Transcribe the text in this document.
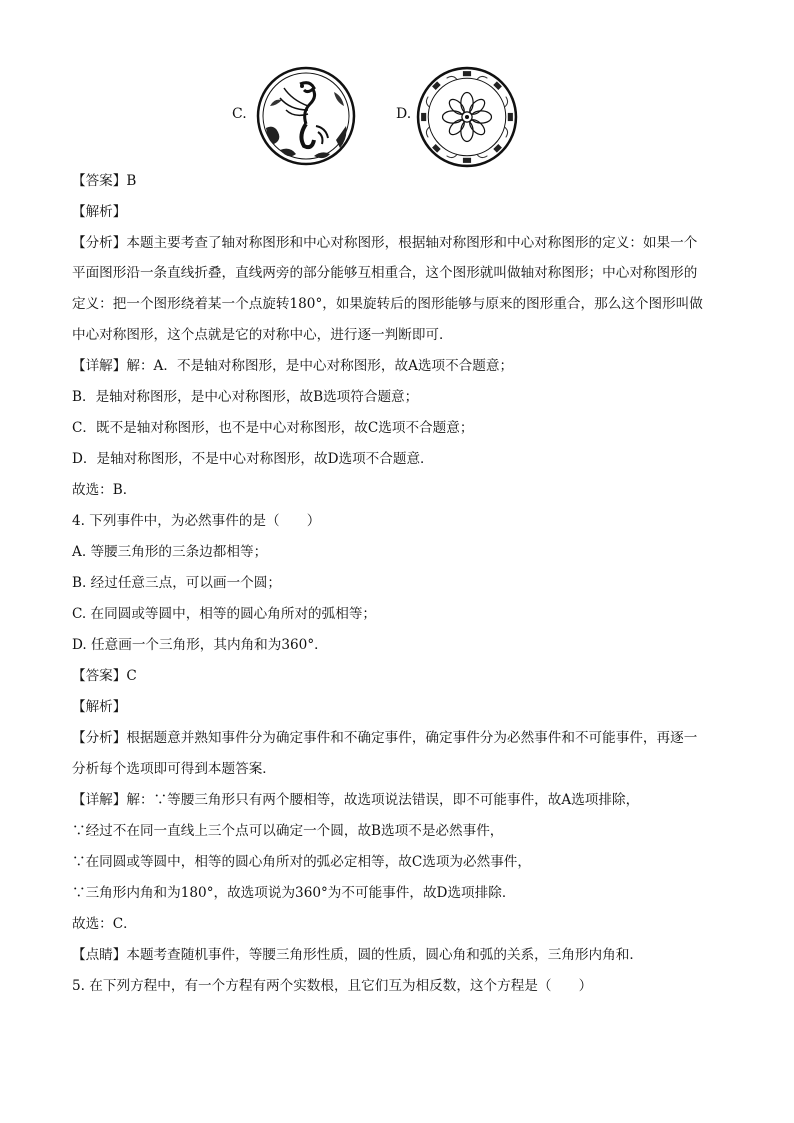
C.	D.
【答案】B
【解析】
【分析】本题主要考查了轴对称图形和中心对称图形，根据轴对称图形和中心对称图形的定义：如果一个
平面图形沿一条直线折叠，直线两旁的部分能够互相重合，这个图形就叫做轴对称图形；中心对称图形的
定义：把一个图形绕着某一个点旋转180°，如果旋转后的图形能够与原来的图形重合，那么这个图形叫做
中心对称图形，这个点就是它的对称中心，进行逐一判断即可．
【详解】解：A．不是轴对称图形，是中心对称图形，故A选项不合题意；
B．是轴对称图形，是中心对称图形，故B选项符合题意；
C．既不是轴对称图形，也不是中心对称图形，故C选项不合题意；
D．是轴对称图形，不是中心对称图形，故D选项不合题意．
故选：B．
4. 下列事件中，为必然事件的是（　　）
A. 等腰三角形的三条边都相等；
B. 经过任意三点，可以画一个圆；
C. 在同圆或等圆中，相等的圆心角所对的弧相等；
D. 任意画一个三角形，其内角和为360°．
【答案】C
【解析】
【分析】根据题意并熟知事件分为确定事件和不确定事件，确定事件分为必然事件和不可能事件，再逐一
分析每个选项即可得到本题答案．
【详解】解：∵等腰三角形只有两个腰相等，故选项说法错误，即不可能事件，故A选项排除，
∵经过不在同一直线上三个点可以确定一个圆，故B选项不是必然事件，
∵在同圆或等圆中，相等的圆心角所对的弧必定相等，故C选项为必然事件，
∵三角形内角和为180°，故选项说为360°为不可能事件，故D选项排除．
故选：C．
【点睛】本题考查随机事件，等腰三角形性质，圆的性质，圆心角和弧的关系，三角形内角和．
5. 在下列方程中，有一个方程有两个实数根，且它们互为相反数，这个方程是（　　）
